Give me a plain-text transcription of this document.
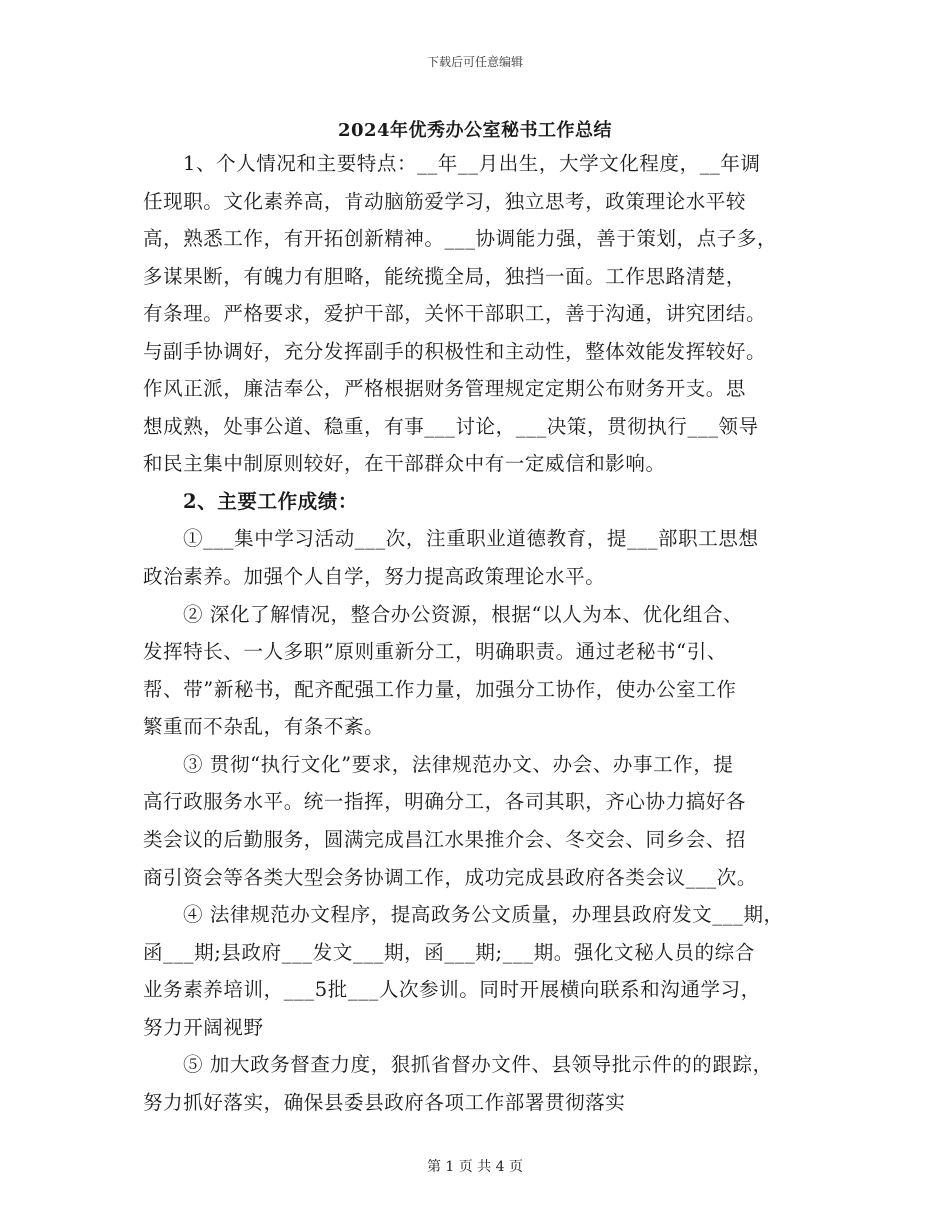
下载后可任意编辑
2024年优秀办公室秘书工作总结
1、个人情况和主要特点：__年__月出生，大学文化程度，__年调
任现职。文化素养高，肯动脑筋爱学习，独立思考，政策理论水平较
高，熟悉工作，有开拓创新精神。___协调能力强，善于策划，点子多，
多谋果断，有魄力有胆略，能统揽全局，独挡一面。工作思路清楚，
有条理。严格要求，爱护干部，关怀干部职工，善于沟通，讲究团结。
与副手协调好，充分发挥副手的积极性和主动性，整体效能发挥较好。
作风正派，廉洁奉公，严格根据财务管理规定定期公布财务开支。思
想成熟，处事公道、稳重，有事___讨论，___决策，贯彻执行___领导
和民主集中制原则较好，在干部群众中有一定威信和影响。
2、主要工作成绩：
①___集中学习活动___次，注重职业道德教育，提___部职工思想
政治素养。加强个人自学，努力提高政策理论水平。
② 深化了解情况，整合办公资源，根据“以人为本、优化组合、
发挥特长、一人多职”原则重新分工，明确职责。通过老秘书“引、
帮、带”新秘书，配齐配强工作力量，加强分工协作，使办公室工作
繁重而不杂乱，有条不紊。
③ 贯彻“执行文化”要求，法律规范办文、办会、办事工作，提
高行政服务水平。统一指挥，明确分工，各司其职，齐心协力搞好各
类会议的后勤服务，圆满完成昌江水果推介会、冬交会、同乡会、招
商引资会等各类大型会务协调工作，成功完成县政府各类会议___次。
④ 法律规范办文程序，提高政务公文质量，办理县政府发文___期，
函___期;县政府___发文___期，函___期;___期。强化文秘人员的综合
业务素养培训，___5批___人次参训。同时开展横向联系和沟通学习，
努力开阔视野
⑤ 加大政务督查力度，狠抓省督办文件、县领导批示件的的跟踪，
努力抓好落实，确保县委县政府各项工作部署贯彻落实
第 1 页 共 4 页
